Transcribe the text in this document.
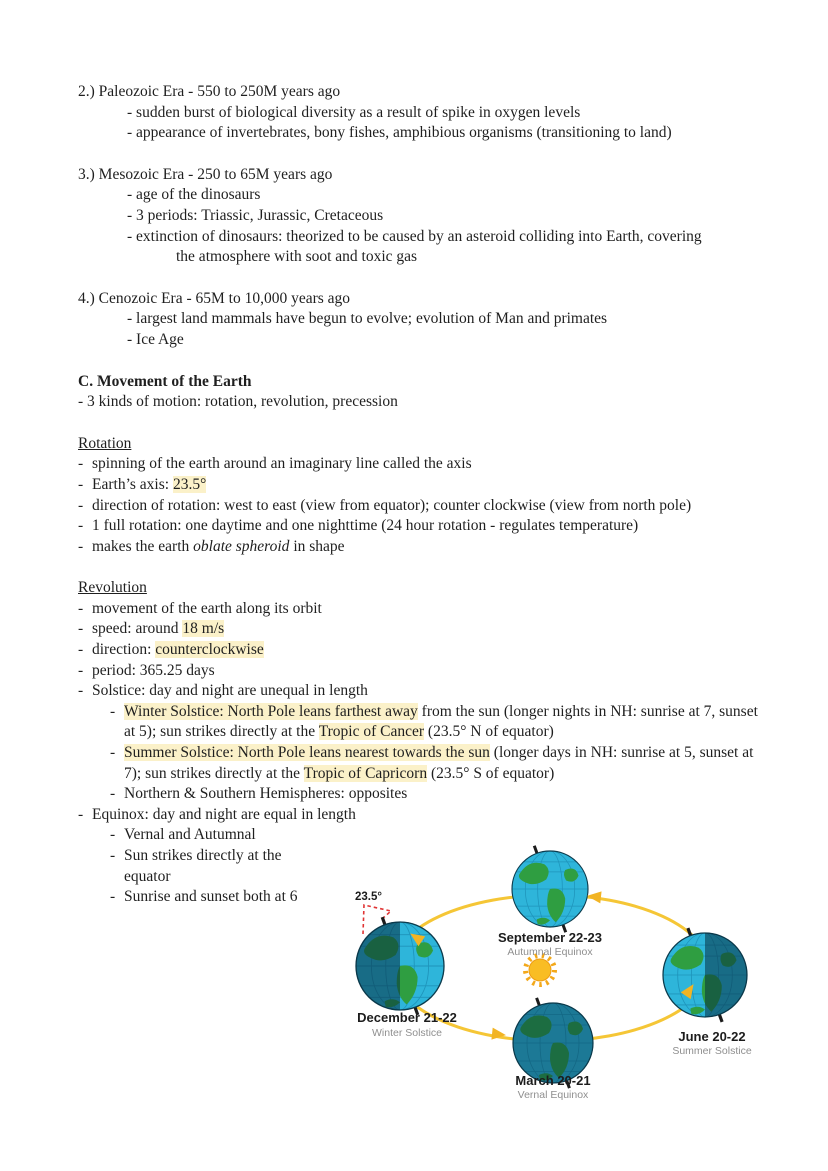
2.) Paleozoic Era - 550 to 250M years ago
- sudden burst of biological diversity as a result of spike in oxygen levels
- appearance of invertebrates, bony fishes, amphibious organisms (transitioning to land)
3.) Mesozoic Era - 250 to 65M years ago
- age of the dinosaurs
- 3 periods: Triassic, Jurassic, Cretaceous
- extinction of dinosaurs: theorized to be caused by an asteroid colliding into Earth, covering
the atmosphere with soot and toxic gas
4.) Cenozoic Era - 65M to 10,000 years ago
- largest land mammals have begun to evolve; evolution of Man and primates
- Ice Age
C. Movement of the Earth
- 3 kinds of motion: rotation, revolution, precession
Rotation
- spinning of the earth around an imaginary line called the axis
- Earth’s axis: 23.5°
- direction of rotation: west to east (view from equator); counter clockwise (view from north pole)
- 1 full rotation: one daytime and one nighttime (24 hour rotation - regulates temperature)
- makes the earth oblate spheroid in shape
Revolution
- movement of the earth along its orbit
- speed: around 18 m/s
- direction: counterclockwise
- period: 365.25 days
- Solstice: day and night are unequal in length
- Winter Solstice: North Pole leans farthest away from the sun (longer nights in NH: sunrise at 7, sunset at 5); sun strikes directly at the Tropic of Cancer (23.5° N of equator)
- Summer Solstice: North Pole leans nearest towards the sun (longer days in NH: sunrise at 5, sunset at 7); sun strikes directly at the Tropic of Capricorn (23.5° S of equator)
- Northern & Southern Hemispheres: opposites
- Equinox: day and night are equal in length
- Vernal and Autumnal
- Sun strikes directly at the equator
- Sunrise and sunset both at 6	23.5°
September 22-23
Autumnal Equinox
December 21-22
Winter Solstice
March 20-21
Vernal Equinox
June 20-22
Summer Solstice
